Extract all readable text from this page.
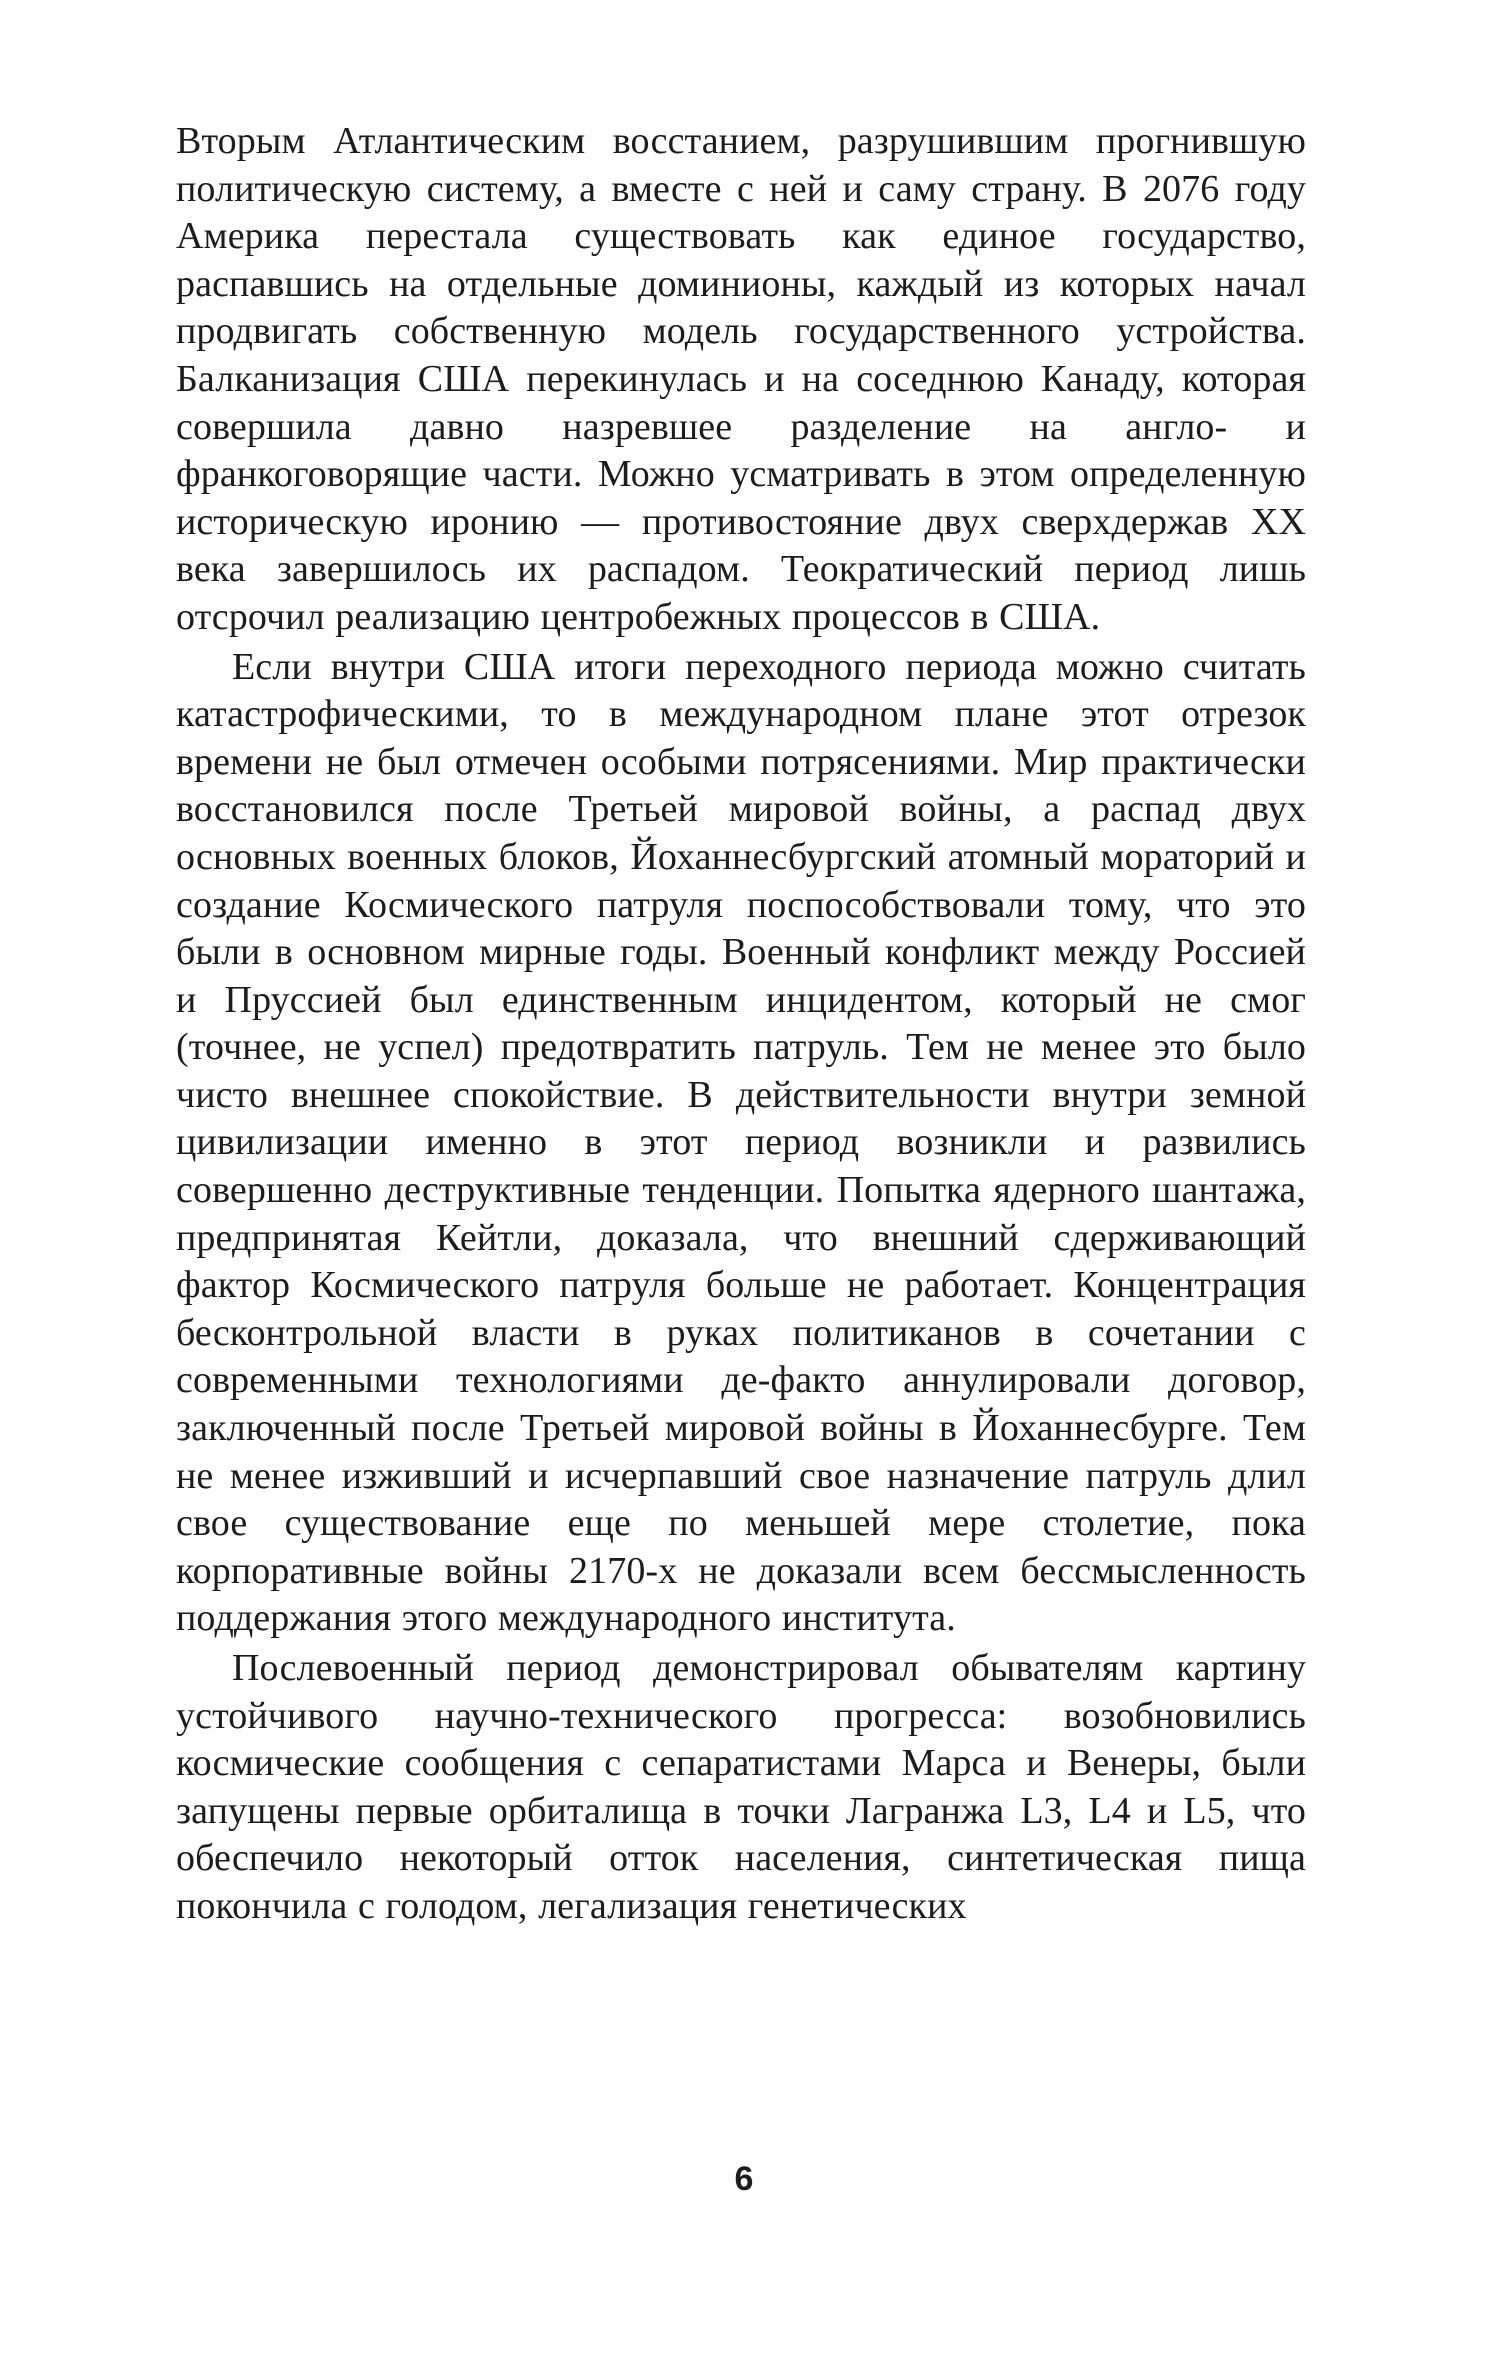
Вторым Атлантическим восстанием, разрушившим прогнившую политическую систему, а вместе с ней и саму страну. В 2076 году Америка перестала существовать как единое государство, распавшись на отдельные доминионы, каждый из которых начал продвигать собственную модель государственного устройства. Балканизация США перекинулась и на соседнюю Канаду, которая совершила давно назревшее разделение на англо- и франкоговорящие части. Можно усматривать в этом определенную историческую иронию — противостояние двух сверхдержав XX века завершилось их распадом. Теократический период лишь отсрочил реализацию центробежных процессов в США.

Если внутри США итоги переходного периода можно считать катастрофическими, то в международном плане этот отрезок времени не был отмечен особыми потрясениями. Мир практически восстановился после Третьей мировой войны, а распад двух основных военных блоков, Йоханнесбургский атомный мораторий и создание Космического патруля поспособствовали тому, что это были в основном мирные годы. Военный конфликт между Россией и Пруссией был единственным инцидентом, который не смог (точнее, не успел) предотвратить патруль. Тем не менее это было чисто внешнее спокойствие. В действительности внутри земной цивилизации именно в этот период возникли и развились совершенно деструктивные тенденции. Попытка ядерного шантажа, предпринятая Кейтли, доказала, что внешний сдерживающий фактор Космического патруля больше не работает. Концентрация бесконтрольной власти в руках политиканов в сочетании с современными технологиями де-факто аннулировали договор, заключенный после Третьей мировой войны в Йоханнесбурге. Тем не менее изживший и исчерпавший свое назначение патруль длил свое существование еще по меньшей мере столетие, пока корпоративные войны 2170-х не доказали всем бессмысленность поддержания этого международного института.

Послевоенный период демонстрировал обывателям картину устойчивого научно-технического прогресса: возобновились космические сообщения с сепаратистами Марса и Венеры, были запущены первые орбиталища в точки Лагранжа L3, L4 и L5, что обеспечило некоторый отток населения, синтетическая пища покончила с голодом, легализация генетических

6
